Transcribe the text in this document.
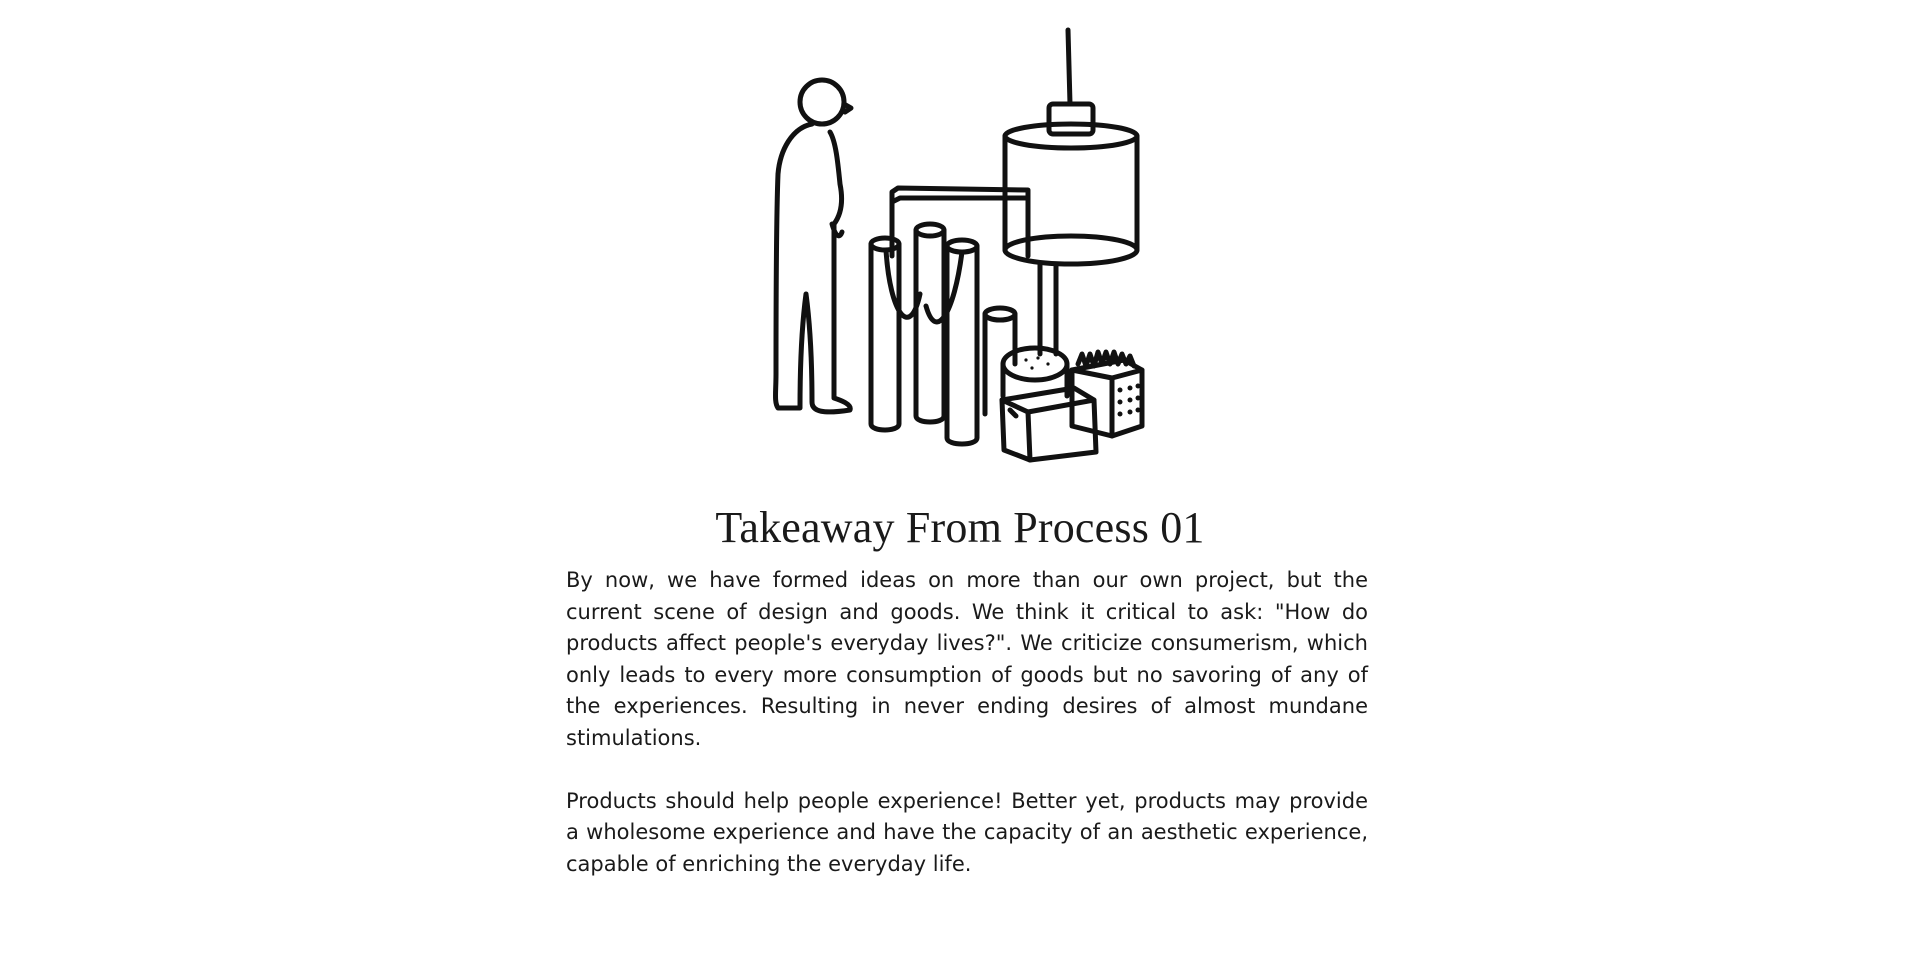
Takeaway From Process 01

By now, we have formed ideas on more than our own project, but the current scene of design and goods. We think it critical to ask: "How do products affect people's everyday lives?". We criticize consumerism, which only leads to every more consumption of goods but no savoring of any of the experiences. Resulting in never ending desires of almost mundane stimulations.

Products should help people experience! Better yet, products may provide a wholesome experience and have the capacity of an aesthetic experience, capable of enriching the everyday life.
